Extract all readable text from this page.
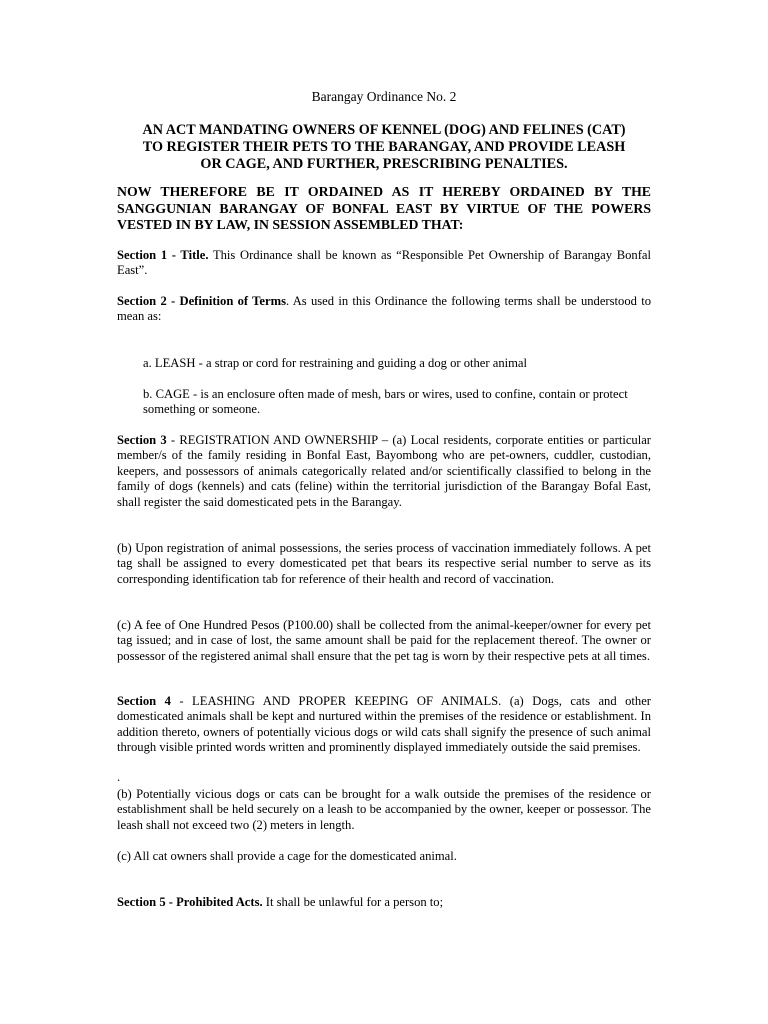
Barangay Ordinance No. 2
AN ACT MANDATING OWNERS OF KENNEL (DOG) AND FELINES (CAT)
TO REGISTER THEIR PETS TO THE BARANGAY, AND PROVIDE LEASH
OR CAGE, AND FURTHER, PRESCRIBING PENALTIES.
NOW THEREFORE BE IT ORDAINED AS IT HEREBY ORDAINED BY THE
SANGGUNIAN BARANGAY OF BONFAL EAST BY VIRTUE OF THE POWERS
VESTED IN BY LAW, IN SESSION ASSEMBLED THAT:
Section 1 - Title. This Ordinance shall be known as “Responsible Pet Ownership of Barangay Bonfal East”.
Section 2 - Definition of Terms. As used in this Ordinance the following terms shall be understood to mean as:
a. LEASH - a strap or cord for restraining and guiding a dog or other animal
b. CAGE - is an enclosure often made of mesh, bars or wires, used to confine, contain or protect something or someone.
Section 3 - REGISTRATION AND OWNERSHIP – (a) Local residents, corporate entities or particular member/s of the family residing in Bonfal East, Bayombong who are pet-owners, cuddler, custodian, keepers, and possessors of animals categorically related and/or scientifically classified to belong in the family of dogs (kennels) and cats (feline) within the territorial jurisdiction of the Barangay Bofal East, shall register the said domesticated pets in the Barangay.
(b) Upon registration of animal possessions, the series process of vaccination immediately follows. A pet tag shall be assigned to every domesticated pet that bears its respective serial number to serve as its corresponding identification tab for reference of their health and record of vaccination.
(c) A fee of One Hundred Pesos (P100.00) shall be collected from the animal-keeper/owner for every pet tag issued; and in case of lost, the same amount shall be paid for the replacement thereof. The owner or possessor of the registered animal shall ensure that the pet tag is worn by their respective pets at all times.
Section 4 - LEASHING AND PROPER KEEPING OF ANIMALS. (a) Dogs, cats and other domesticated animals shall be kept and nurtured within the premises of the residence or establishment. In addition thereto, owners of potentially vicious dogs or wild cats shall signify the presence of such animal through visible printed words written and prominently displayed immediately outside the said premises.
.
(b) Potentially vicious dogs or cats can be brought for a walk outside the premises of the residence or establishment shall be held securely on a leash to be accompanied by the owner, keeper or possessor. The leash shall not exceed two (2) meters in length.
(c) All cat owners shall provide a cage for the domesticated animal.
Section 5 - Prohibited Acts. It shall be unlawful for a person to;
